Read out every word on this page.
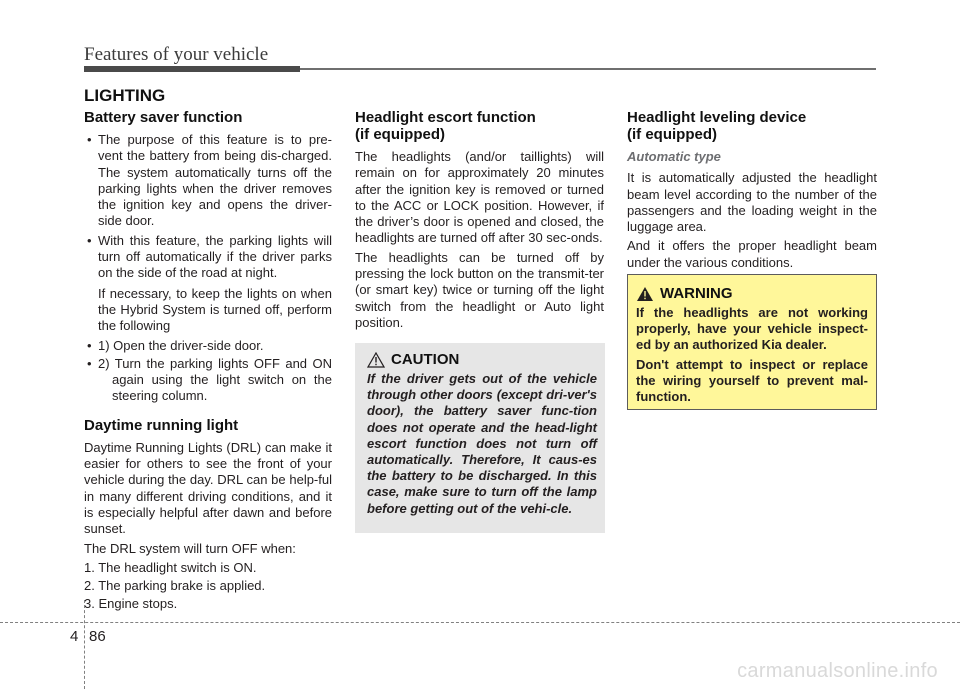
Features of your vehicle
LIGHTING
Battery saver function
• The purpose of this feature is to pre-vent the battery from being dis-charged. The system automatically turns off the parking lights when the driver removes the ignition key and opens the driver- side door.
• With this feature, the parking lights will turn off automatically if the driver parks on the side of the road at night.
If necessary, to keep the lights on when the Hybrid System is turned off, perform the following
• 1) Open the driver-side door.
• 2) Turn the parking lights OFF and ON again using the light switch on the steering column.
Daytime running light

Daytime Running Lights (DRL) can make it easier for others to see the front of your vehicle during the day. DRL can be help-ful in many different driving conditions, and it is especially helpful after dawn and before sunset.

The DRL system will turn OFF when:

1. The headlight switch is ON.
2. The parking brake is applied.
3. Engine stops.
Headlight escort function
(if equipped)

The headlights (and/or taillights) will remain on for approximately 20 minutes after the ignition key is removed or turned to the ACC or LOCK position. However, if the driver’s door is opened and closed, the headlights are turned off after 30 sec-onds.

The headlights can be turned off by pressing the lock button on the transmit-ter (or smart key) twice or turning off the light switch from the headlight or Auto light position.

CAUTION
If the driver gets out of the vehicle through other doors (except dri-ver's door), the battery saver func-tion does not operate and the head-light escort function does not turn off automatically. Therefore, It caus-es the battery to be discharged. In this case, make sure to turn off the lamp before getting out of the vehi-cle.
Headlight leveling device
(if equipped)
Automatic type

It is automatically adjusted the headlight beam level according to the number of the passengers and the loading weight in the luggage area.

And it offers the proper headlight beam under the various conditions.

WARNING

If the headlights are not working properly, have your vehicle inspect-ed by an authorized Kia dealer.

Don't attempt to inspect or replace the wiring yourself to prevent mal-function.

4 86
carmanualsonline.info
